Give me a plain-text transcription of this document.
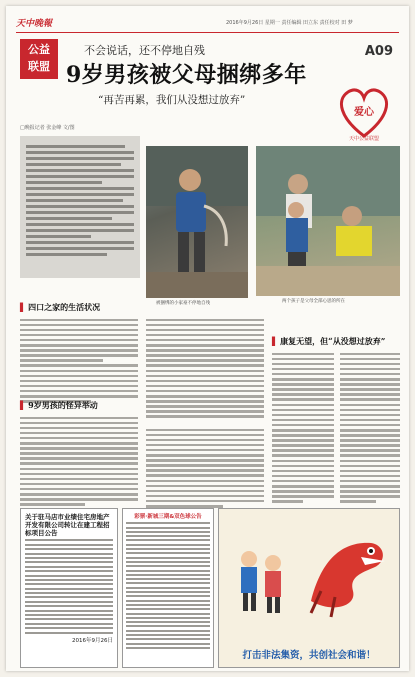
天中晚報	2016年9月26日 星期一 责任编辑 田立东 责任校对 田 梦
A09
公益
联盟
不会说话，还不停地自残
9岁男孩被父母捆绑多年
“再苦再累，我们从没想过放弃”
爱心
天中公益联盟
□晚报记者 张金峰 文/图
被捆绑的小家豪不停地自残	两个孩子是父母全部心思的所在
▌ 四口之家的生活状况
▌ 9岁男孩的怪异举动
▌ 康复无望，但“从没想过放弃”
关于驻马店市业绩住宅房地产开发有限公司转让在建工程招标项目公告
2016年9月26日
彩票·新城三期&双色球公告
打击非法集资，共创社会和谐！
